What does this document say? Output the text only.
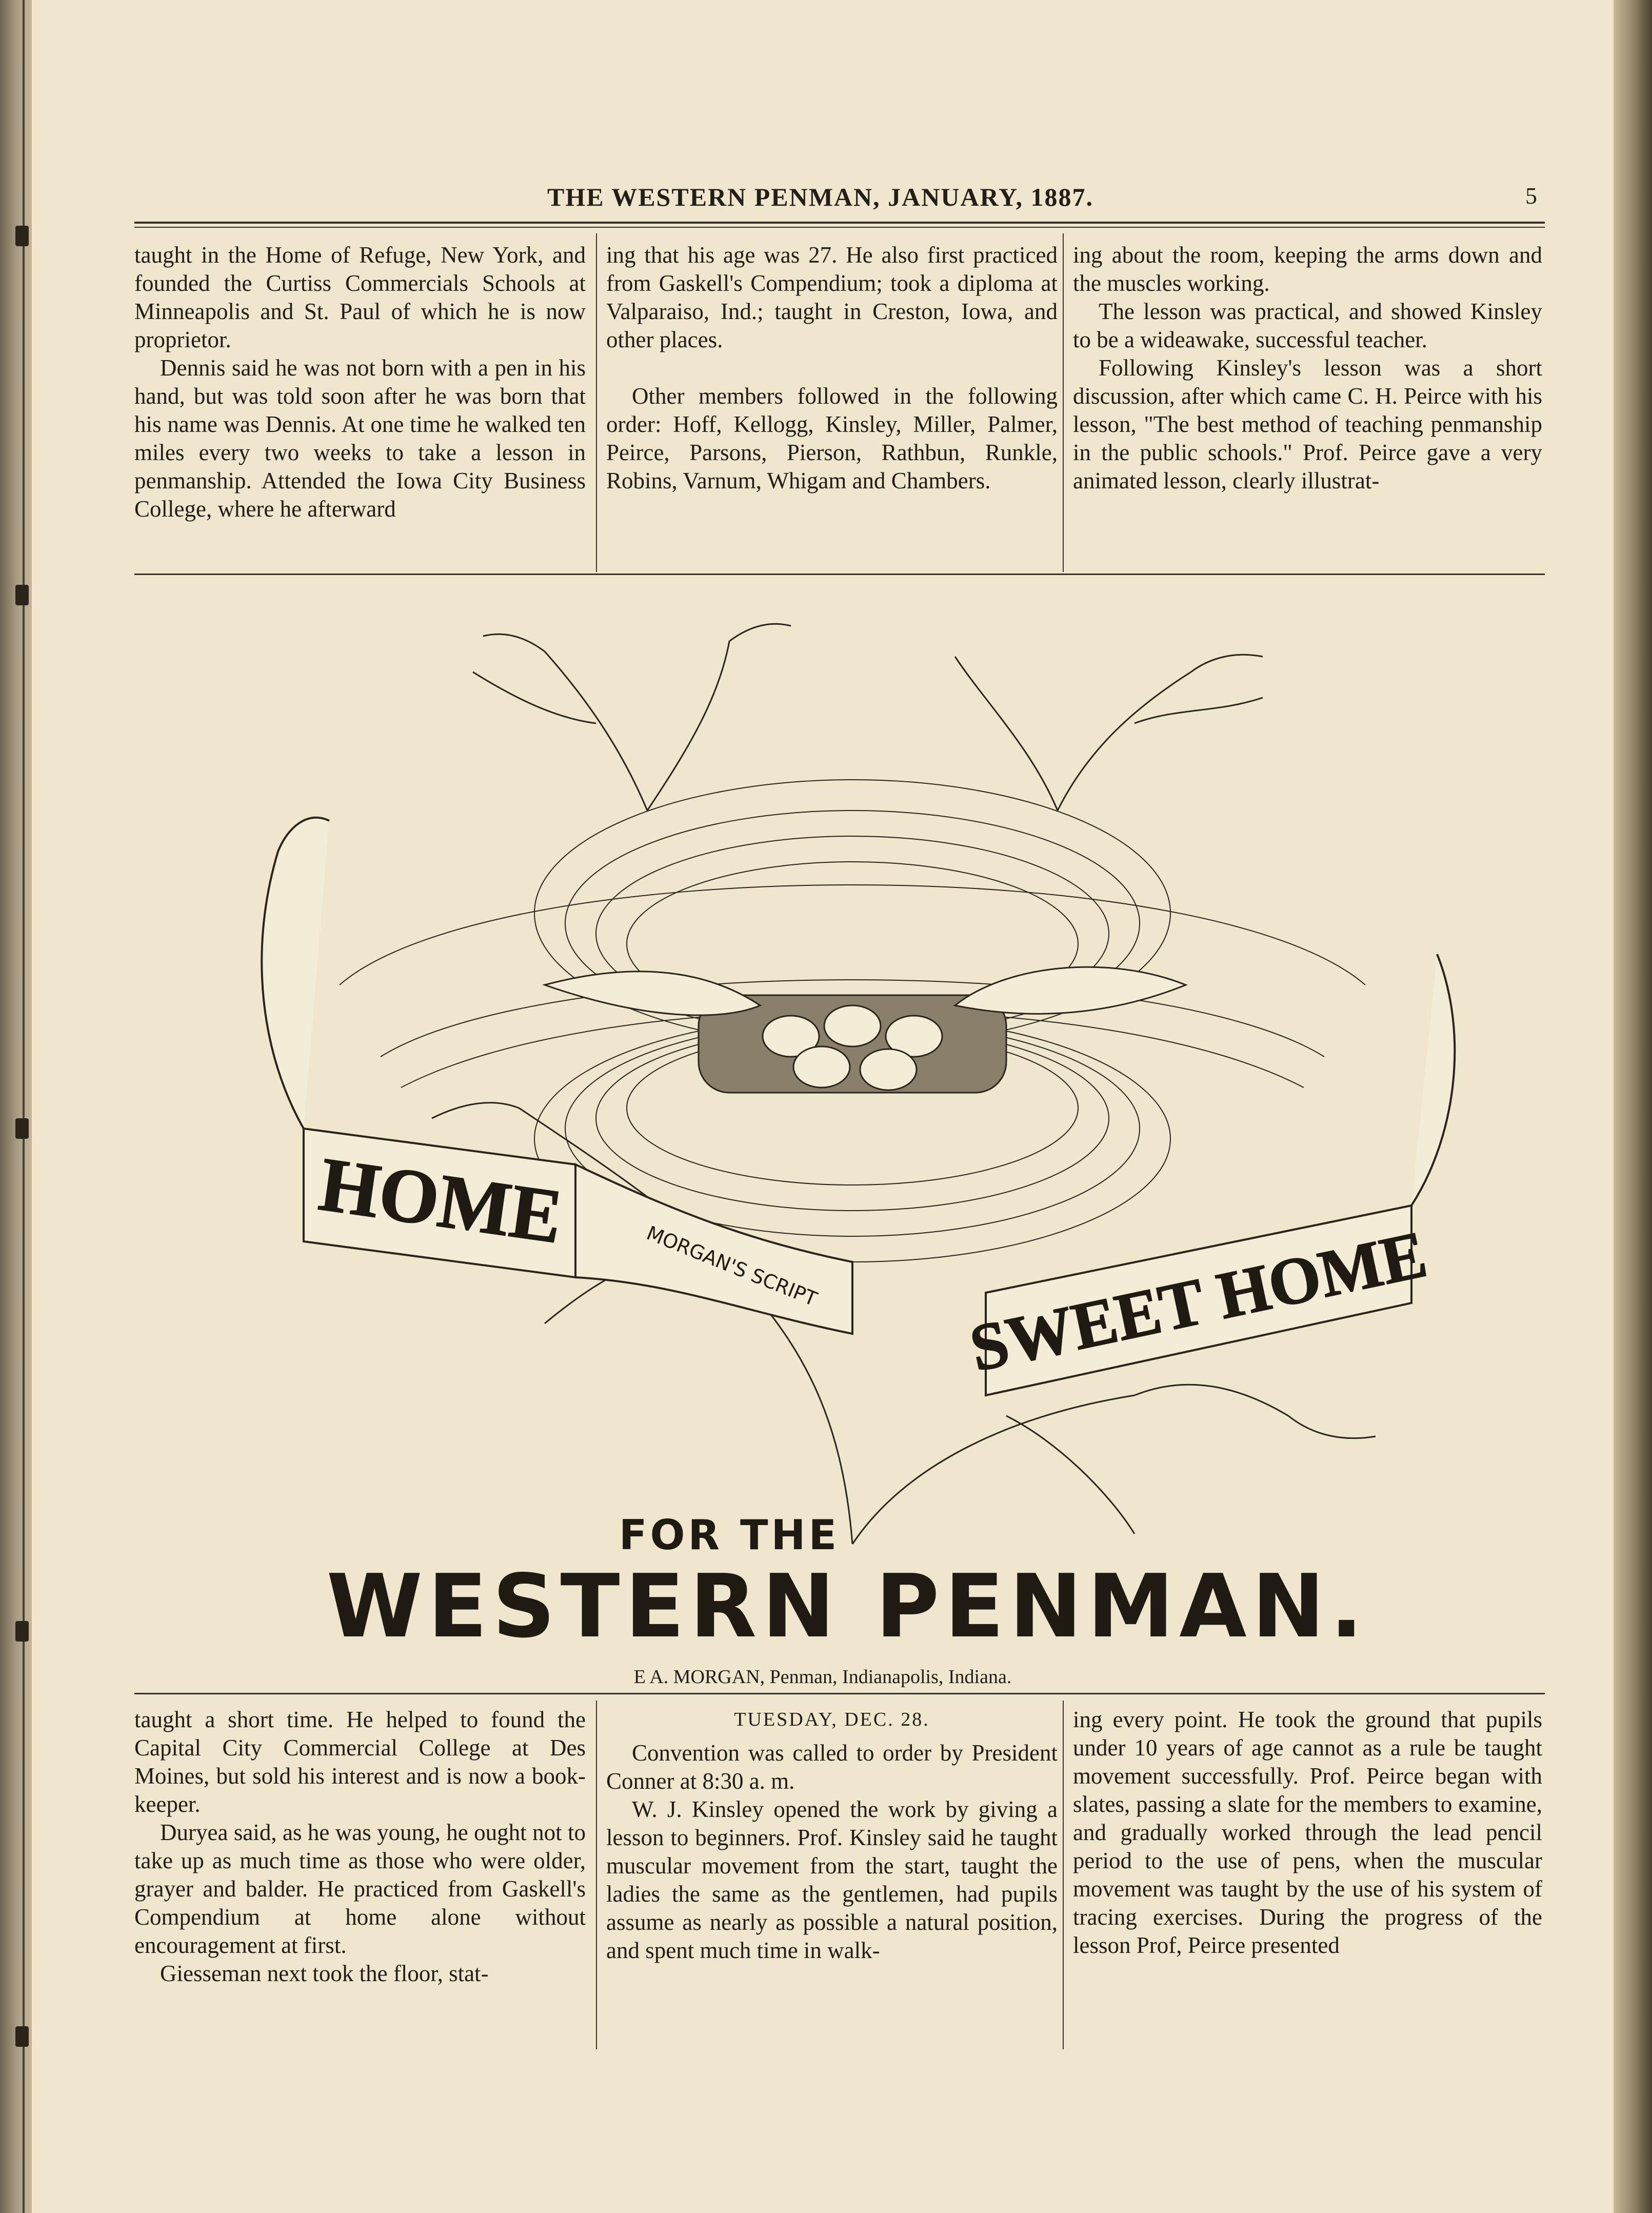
THE WESTERN PENMAN, JANUARY, 1887.	5

taught in the Home of Refuge, New York, and founded the Curtiss Commercials Schools at Minneapolis and St. Paul of which he is now proprietor.

Dennis said he was not born with a pen in his hand, but was told soon after he was born that his name was Dennis. At one time he walked ten miles every two weeks to take a lesson in penmanship. Attended the Iowa City Business College, where he afterward

ing that his age was 27. He also first practiced from Gaskell's Compendium; took a diploma at Valparaiso, Ind.; taught in Creston, Iowa, and other places.

Other members followed in the following order: Hoff, Kellogg, Kinsley, Miller, Palmer, Peirce, Parsons, Pierson, Rathbun, Runkle, Robins, Varnum, Whigam and Chambers.

ing about the room, keeping the arms down and the muscles working.

The lesson was practical, and showed Kinsley to be a wideawake, successful teacher.

Following Kinsley's lesson was a short discussion, after which came C. H. Peirce with his lesson, "The best method of teaching penmanship in the public schools." Prof. Peirce gave a very animated lesson, clearly illustrat-

HOME
SWEET HOME
MORGAN'S SCRIPT
FOR THE
WESTERN PENMAN.
E A. MORGAN, Penman, Indianapolis, Indiana.

taught a short time. He helped to found the Capital City Commercial College at Des Moines, but sold his interest and is now a book-keeper.

Duryea said, as he was young, he ought not to take up as much time as those who were older, grayer and balder. He practiced from Gaskell's Compendium at home alone without encouragement at first.

Giesseman next took the floor, stat-

TUESDAY, DEC. 28.

Convention was called to order by President Conner at 8:30 a. m.

W. J. Kinsley opened the work by giving a lesson to beginners. Prof. Kinsley said he taught muscular movement from the start, taught the ladies the same as the gentlemen, had pupils assume as nearly as possible a natural position, and spent much time in walk-

ing every point. He took the ground that pupils under 10 years of age cannot as a rule be taught movement successfully. Prof. Peirce began with slates, passing a slate for the members to examine, and gradually worked through the lead pencil period to the use of pens, when the muscular movement was taught by the use of his system of tracing exercises. During the progress of the lesson Prof, Peirce presented
